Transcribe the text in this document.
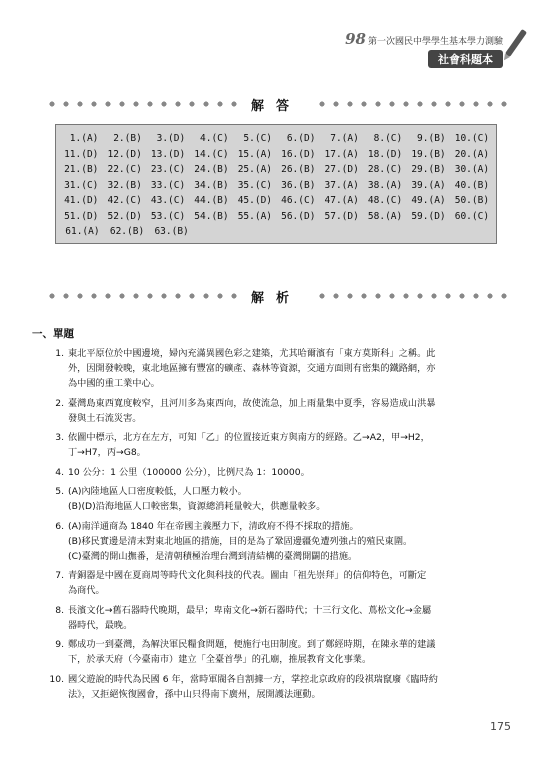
98 第一次國民中學學生基本學力測驗
社會科題本
解答
1.(A)	2.(B)	3.(D)	4.(C)	5.(C)	6.(D)	7.(A)	8.(C)	9.(B) 10.(C)
11.(D) 12.(D) 13.(D) 14.(C) 15.(A) 16.(D) 17.(A) 18.(D) 19.(B) 20.(A)
21.(B) 22.(C) 23.(C) 24.(B) 25.(A) 26.(B) 27.(D) 28.(C) 29.(B) 30.(A)
31.(C) 32.(B) 33.(C) 34.(B) 35.(C) 36.(B) 37.(A) 38.(A) 39.(A) 40.(B)
41.(D) 42.(C) 43.(C) 44.(B) 45.(D) 46.(C) 47.(A) 48.(C) 49.(A) 50.(B)
51.(D) 52.(D) 53.(C) 54.(B) 55.(A) 56.(D) 57.(D) 58.(A) 59.(D) 60.(C)
61.(A)	62.(B)	63.(B)
解析
一、單題
1. 東北平原位於中國邊境，婦內充滿異國色彩之建築，尤其哈爾濱有「東方莫斯科」之稱。此
外，因開發較晚，東北地區擁有豐富的礦產、森林等資源，交通方面則有密集的鐵路網，亦
為中國的重工業中心。
2. 臺灣島東西寬度較窄，且河川多為東西向，故使流急，加上雨量集中夏季，容易造成山洪暴
發與土石流災害。
3. 依圖中標示，北方在左方，可知「乙」的位置接近東方與南方的經路。乙→A2，甲→H2，
丁→H7，丙→G8。
4. 10 公分：1 公里（100000 公分），比例尺為 1：10000。
5. (A)內陸地區人口密度較低，人口壓力較小。
(B)(D)沿海地區人口較密集，資源總消耗量較大，供應量較多。
6. (A)南洋通商為 1840 年在帝國主義壓力下，清政府不得不採取的措施。
(B)移民實邊是清末對東北地區的措施，目的是為了鞏固邊疆免遭列強占的殖民東圍。
(C)臺灣的開山撫番，是清朝積極治理台灣到清結構的臺灣開闢的措施。
7. 青銅器是中國在夏商周等時代文化與科技的代表。圖由「祖先崇拜」的信仰特色，可斷定
為商代。
8. 長濱文化→舊石器時代晚期，最早；卑南文化→新石器時代；十三行文化、蔦松文化→金屬
器時代，最晚。
9. 鄭成功一到臺灣，為解決軍民糧食問題，便施行屯田制度。到了鄭經時期，在陳永華的建議
下，於承天府（今臺南市）建立「全臺首學」的孔廟，推展教育文化事業。
10. 國父遊說的時代為民國 6 年，當時軍閥各自割據一方，掌控北京政府的段祺瑞竄廢《臨時約
法》，又拒絕恢復國會，孫中山只得南下廣州，展開護法運動。
175
